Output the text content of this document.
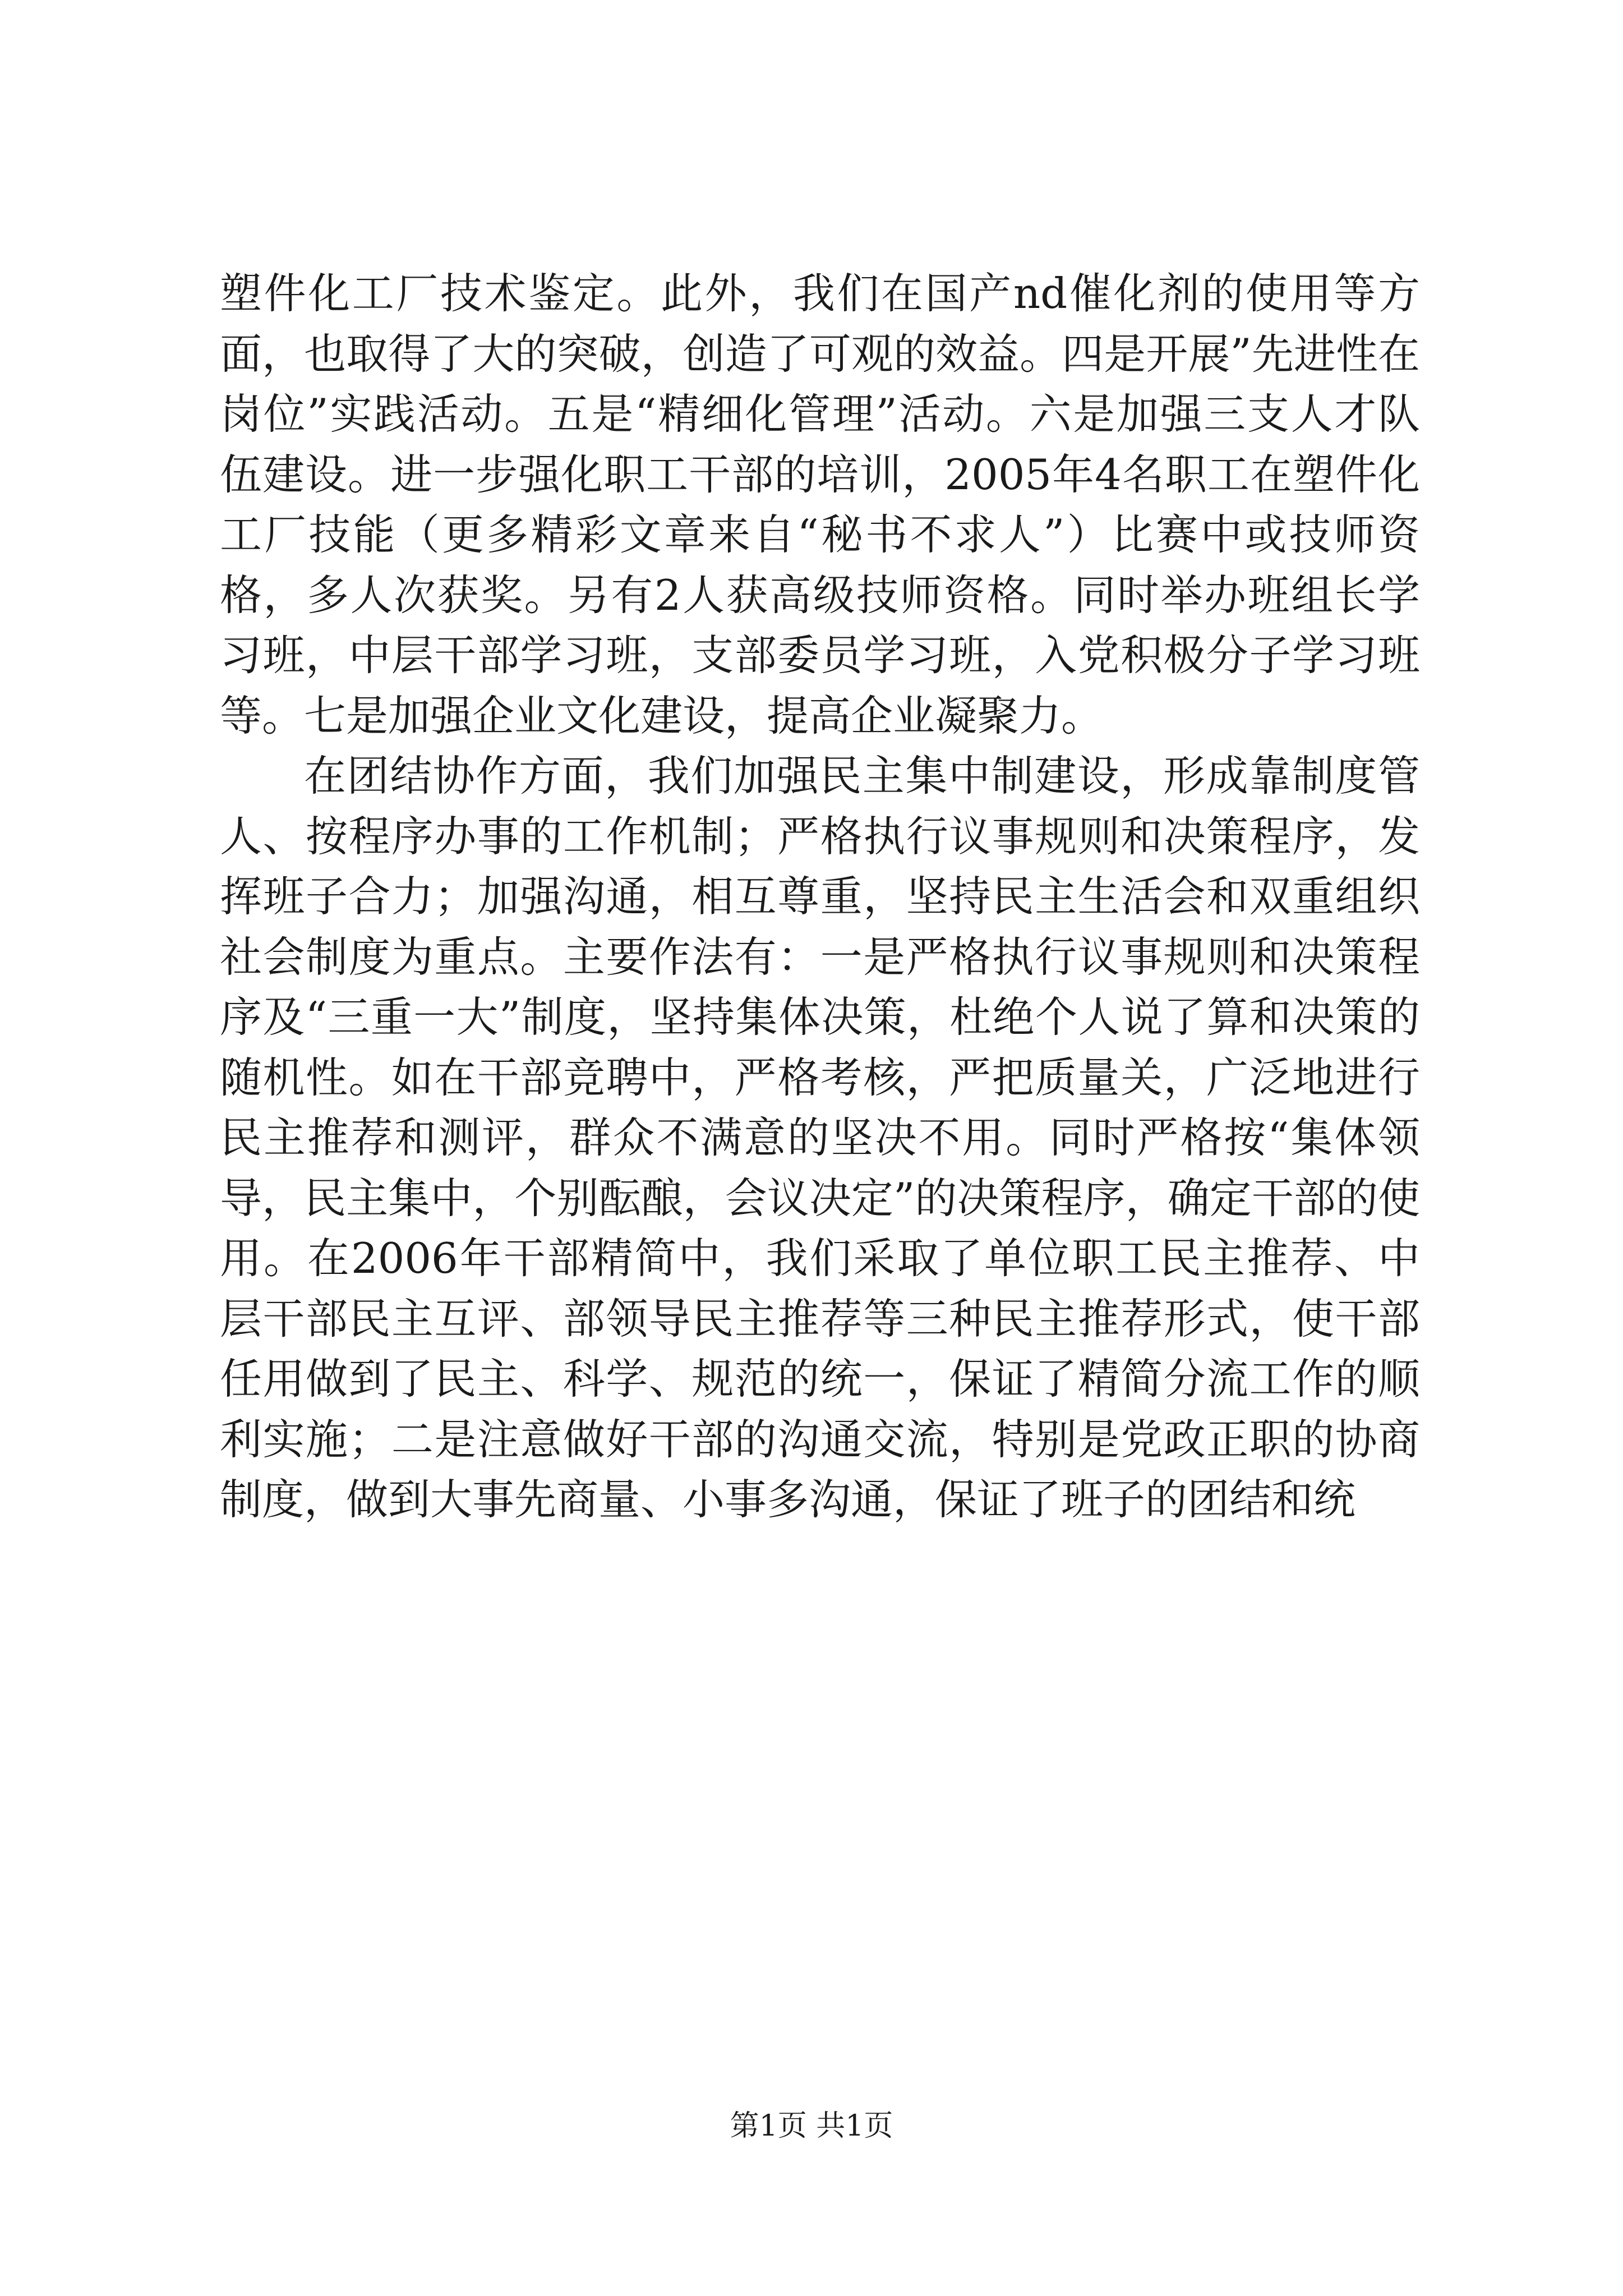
塑件化工厂技术鉴定。此外，我们在国产nd催化剂的使用等方面，也取得了大的突破，创造了可观的效益。四是开展”先进性在岗位”实践活动。五是“精细化管理”活动。六是加强三支人才队伍建设。进一步强化职工干部的培训，2005年4名职工在塑件化工厂技能（更多精彩文章来自“秘书不求人”）比赛中或技师资格，多人次获奖。另有2人获高级技师资格。同时举办班组长学习班，中层干部学习班，支部委员学习班，入党积极分子学习班等。七是加强企业文化建设，提高企业凝聚力。

在团结协作方面，我们加强民主集中制建设，形成靠制度管人、按程序办事的工作机制；严格执行议事规则和决策程序，发挥班子合力；加强沟通，相互尊重，坚持民主生活会和双重组织社会制度为重点。主要作法有：一是严格执行议事规则和决策程序及“三重一大”制度，坚持集体决策，杜绝个人说了算和决策的随机性。如在干部竞聘中，严格考核，严把质量关，广泛地进行民主推荐和测评，群众不满意的坚决不用。同时严格按“集体领导，民主集中，个别酝酿，会议决定”的决策程序，确定干部的使用。在2006年干部精简中，我们采取了单位职工民主推荐、中层干部民主互评、部领导民主推荐等三种民主推荐形式，使干部任用做到了民主、科学、规范的统一，保证了精简分流工作的顺利实施；二是注意做好干部的沟通交流，特别是党政正职的协商制度，做到大事先商量、小事多沟通，保证了班子的团结和统

第1页 共1页
